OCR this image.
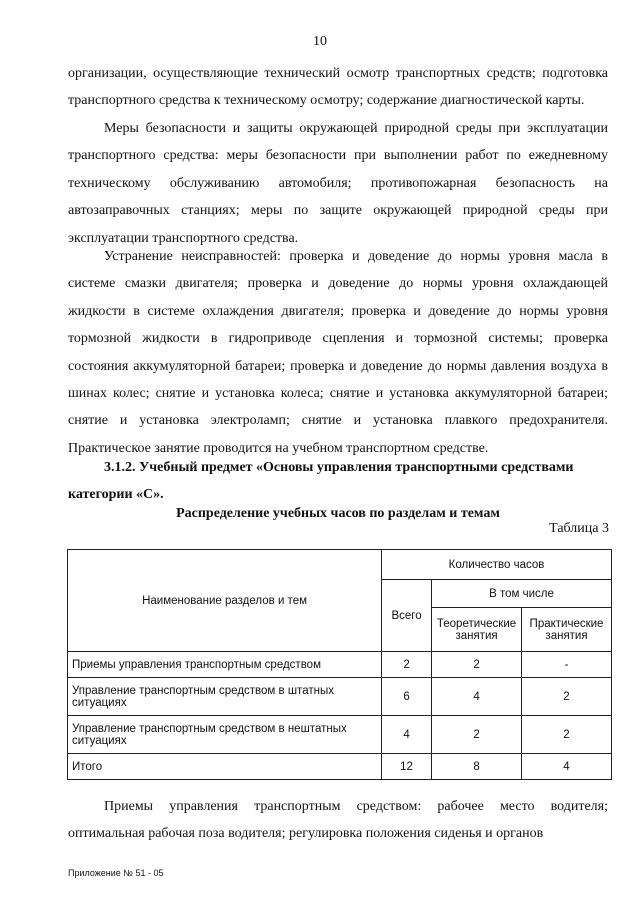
10
организации, осуществляющие технический осмотр транспортных средств; подготовка транспортного средства к техническому осмотру; содержание диагностической карты.
Меры безопасности и защиты окружающей природной среды при эксплуатации транспортного средства: меры безопасности при выполнении работ по ежедневному техническому обслуживанию автомобиля; противопожарная безопасность на автозаправочных станциях; меры по защите окружающей природной среды при эксплуатации транспортного средства.
Устранение неисправностей: проверка и доведение до нормы уровня масла в системе смазки двигателя; проверка и доведение до нормы уровня охлаждающей жидкости в системе охлаждения двигателя; проверка и доведение до нормы уровня тормозной жидкости в гидроприводе сцепления и тормозной системы; проверка состояния аккумуляторной батареи; проверка и доведение до нормы давления воздуха в шинах колес; снятие и установка колеса; снятие и установка аккумуляторной батареи; снятие и установка электроламп; снятие и установка плавкого предохранителя. Практическое занятие проводится на учебном транспортном средстве.
3.1.2. Учебный предмет «Основы управления транспортными средствами категории «С».
Распределение учебных часов по разделам и темам
Таблица 3
Наименование разделов и тем	Количество часов		
	Всего	В том числе	
		Теоретические занятия	Практические занятия
Приемы управления транспортным средством	2	2	-
Управление транспортным средством в штатных ситуациях	6	4	2
Управление транспортным средством в нештатных ситуациях	4	2	2
Итого	12	8	4
Приемы управления транспортным средством: рабочее место водителя; оптимальная рабочая поза водителя; регулировка положения сиденья и органов
Приложение № 51 - 05
